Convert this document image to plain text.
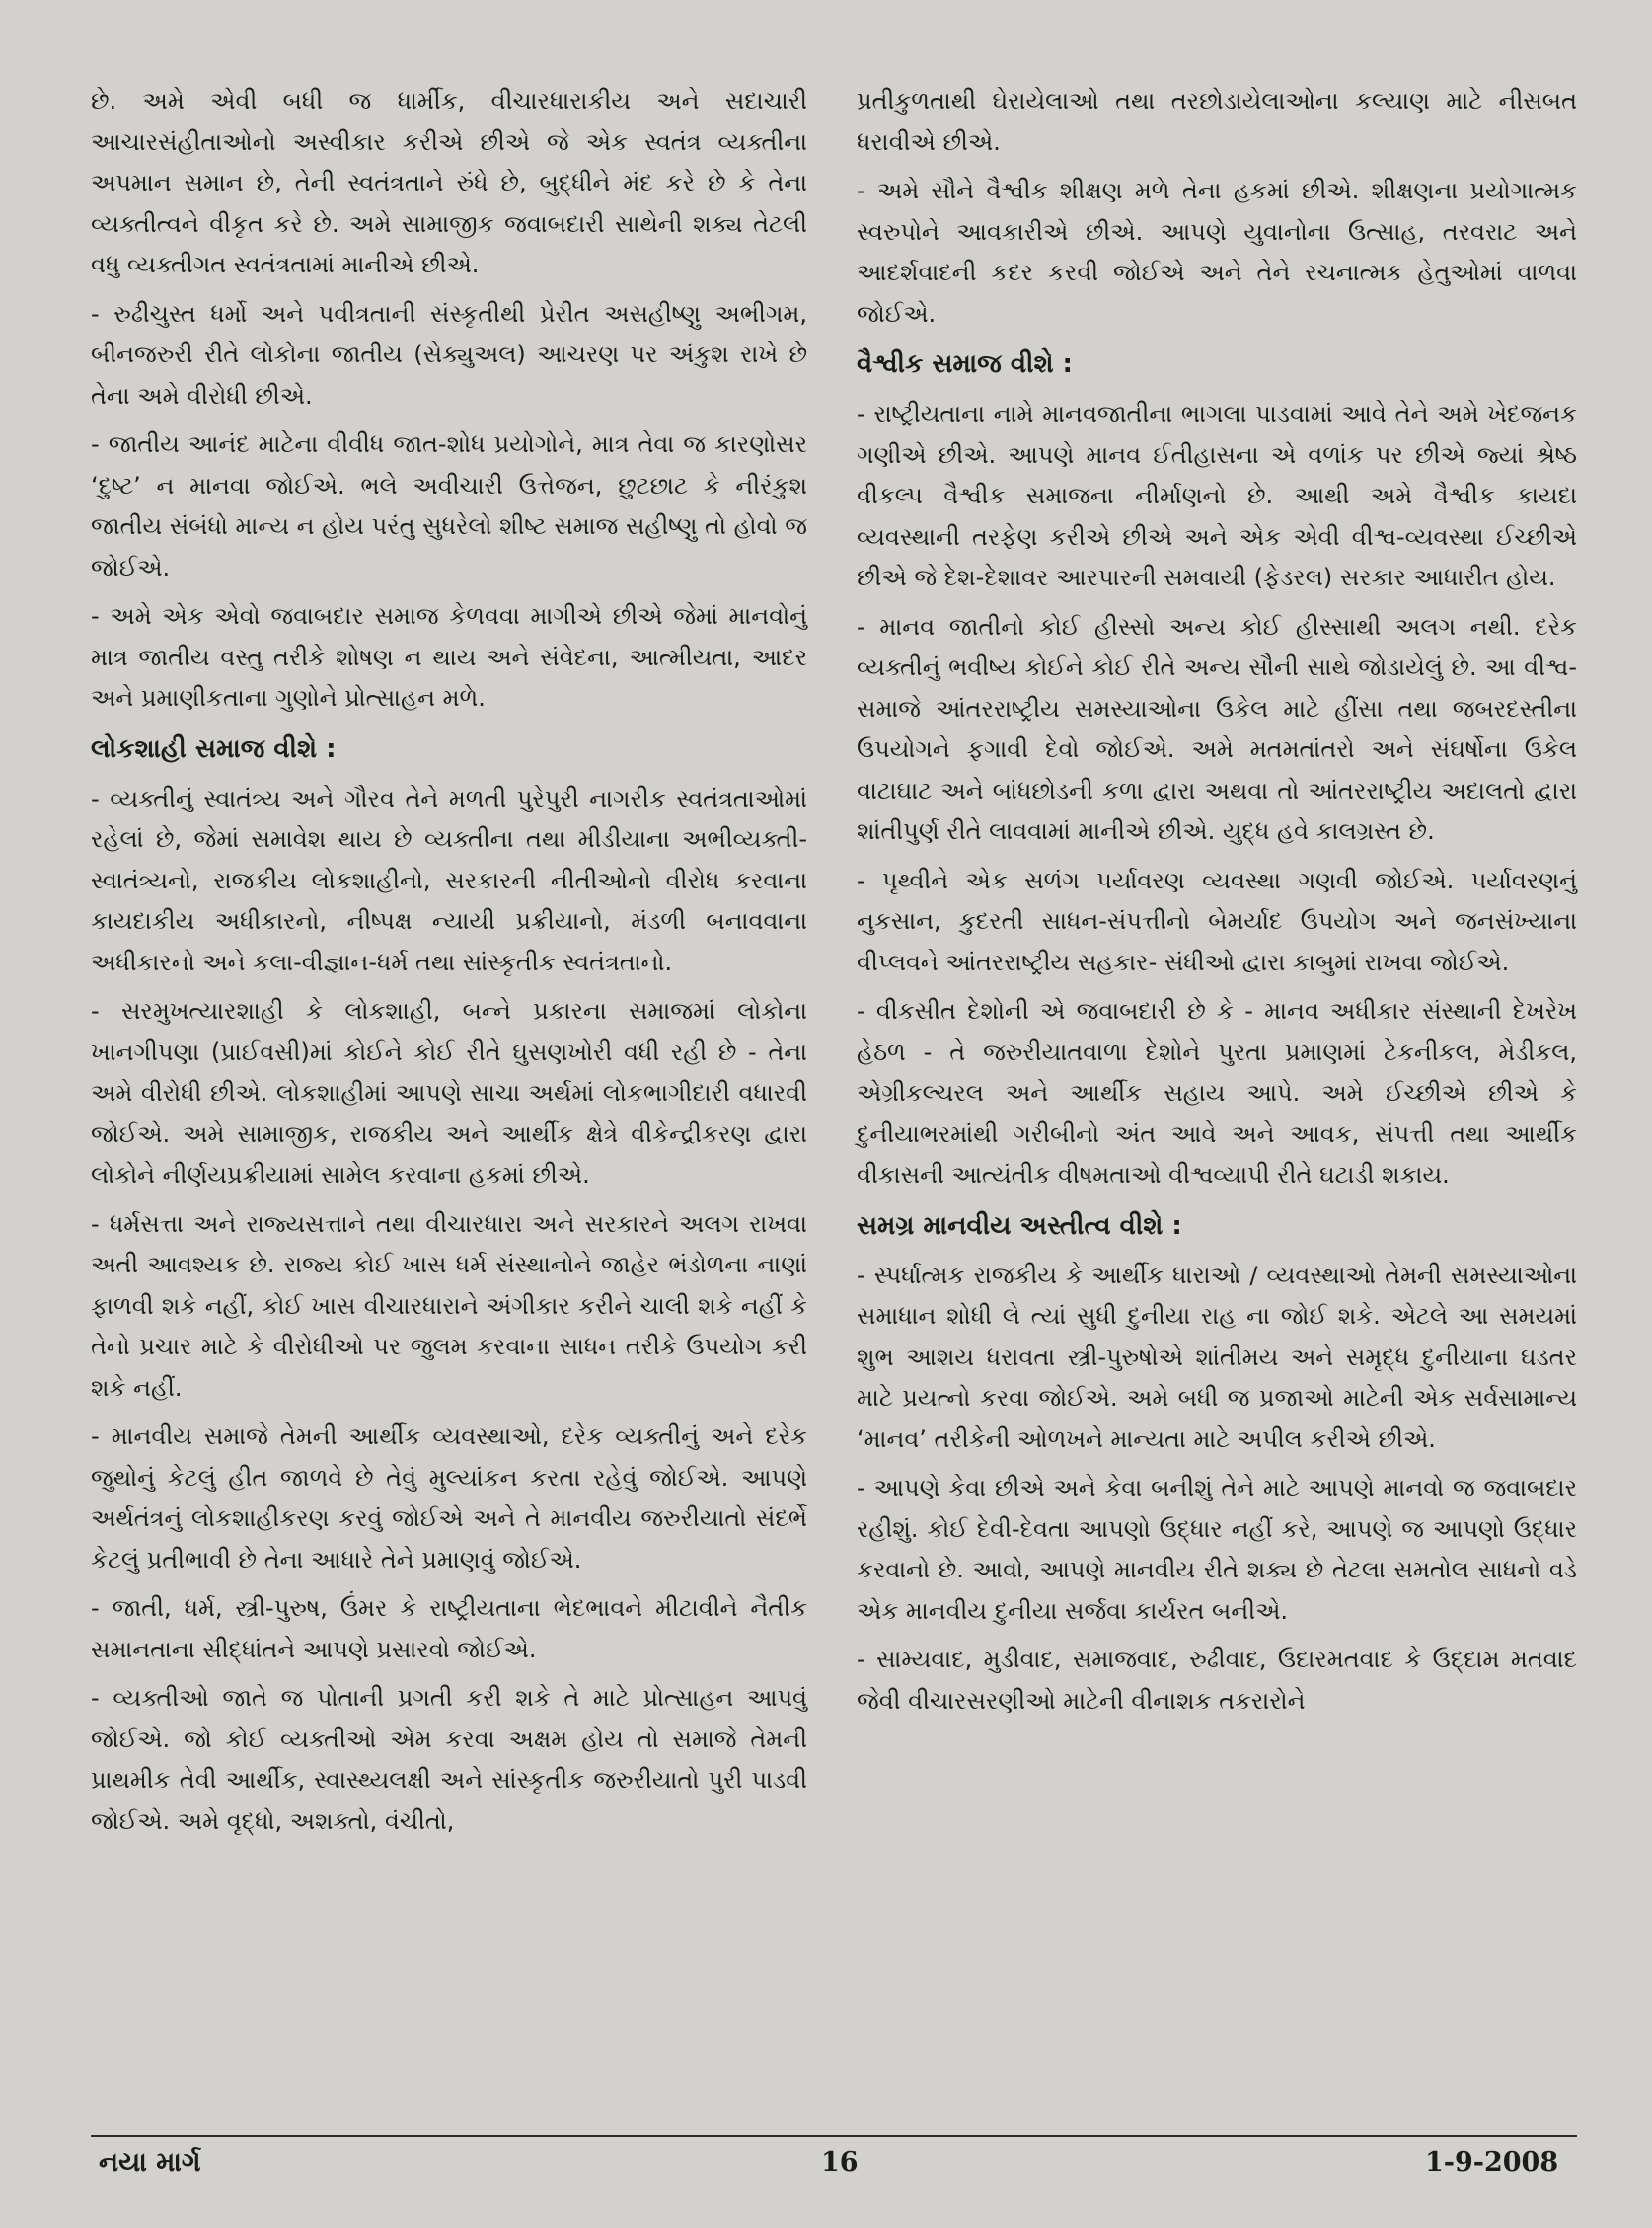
છે. અમે એવી બધી જ ધાર્મીક, વીચારધારાકીય અને સદાચારી આચારસંહીતાઓનો અસ્વીકાર કરીએ છીએ જે એક સ્વતંત્ર વ્યક્તીના અપમાન સમાન છે, તેની સ્વતંત્રતાને રુંધે છે, બુદ્ધીને મંદ કરે છે કે તેના વ્યક્તીત્વને વીકૃત કરે છે. અમે સામાજીક જવાબદારી સાથેની શક્ય તેટલી વધુ વ્યક્તીગત સ્વતંત્રતામાં માનીએ છીએ.
- રુઢીચુસ્ત ધર્મો અને પવીત્રતાની સંસ્કૃતીથી પ્રેરીત અસહીષ્ણુ અભીગમ, બીનજરુરી રીતે લોકોના જાતીય (સેક્યુઅલ) આચરણ પર અંકુશ રાખે છે તેના અમે વીરોધી છીએ.
- જાતીય આનંદ માટેના વીવીધ જાત-શોધ પ્રયોગોને, માત્ર તેવા જ કારણોસર ‘દુષ્ટ’ ન માનવા જોઈએ. ભલે અવીચારી ઉત્તેજન, છુટછાટ કે નીરંકુશ જાતીય સંબંધો માન્ય ન હોય પરંતુ સુધરેલો શીષ્ટ સમાજ સહીષ્ણુ તો હોવો જ જોઈએ.
- અમે એક એવો જવાબદાર સમાજ કેળવવા માગીએ છીએ જેમાં માનવોનું માત્ર જાતીય વસ્તુ તરીકે શોષણ ન થાય અને સંવેદના, આત્મીયતા, આદર અને પ્રમાણીકતાના ગુણોને પ્રોત્સાહન મળે.
લોકશાહી સમાજ વીશે :
- વ્યક્તીનું સ્વાતંત્ર્ય અને ગૌરવ તેને મળતી પુરેપુરી નાગરીક સ્વતંત્રતાઓમાં રહેલાં છે, જેમાં સમાવેશ થાય છે વ્યક્તીના તથા મીડીયાના અભીવ્યક્તી- સ્વાતંત્ર્યનો, રાજકીય લોકશાહીનો, સરકારની નીતીઓનો વીરોધ કરવાના કાયદાકીય અધીકારનો, નીષ્પક્ષ ન્યાયી પ્રક્રીયાનો, મંડળી બનાવવાના અધીકારનો અને કલા-વીજ્ઞાન-ધર્મ તથા સાંસ્કૃતીક સ્વતંત્રતાનો.
- સરમુખત્યારશાહી કે લોકશાહી, બન્ને પ્રકારના સમાજમાં લોકોના ખાનગીપણા (પ્રાઈવસી)માં કોઈને કોઈ રીતે ઘુસણખોરી વધી રહી છે - તેના અમે વીરોધી છીએ. લોકશાહીમાં આપણે સાચા અર્થમાં લોકભાગીદારી વધારવી જોઈએ. અમે સામાજીક, રાજકીય અને આર્થીક ક્ષેત્રે વીકેન્દ્રીકરણ દ્વારા લોકોને નીર્ણયપ્રક્રીયામાં સામેલ કરવાના હકમાં છીએ.
- ધર્મસત્તા અને રાજ્યસત્તાને તથા વીચારધારા અને સરકારને અલગ રાખવા અતી આવશ્યક છે. રાજ્ય કોઈ ખાસ ધર્મ સંસ્થાનોને જાહેર ભંડોળના નાણાં ફાળવી શકે નહીં, કોઈ ખાસ વીચારધારાને અંગીકાર કરીને ચાલી શકે નહીં કે તેનો પ્રચાર માટે કે વીરોધીઓ પર જુલમ કરવાના સાધન તરીકે ઉપયોગ કરી શકે નહીં.
- માનવીય સમાજે તેમની આર્થીક વ્યવસ્થાઓ, દરેક વ્યક્તીનું અને દરેક જુથોનું કેટલું હીત જાળવે છે તેવું મુલ્યાંકન કરતા રહેવું જોઈએ. આપણે અર્થતંત્રનું લોકશાહીકરણ કરવું જોઈએ અને તે માનવીય જરુરીયાતો સંદર્ભે કેટલું પ્રતીભાવી છે તેના આધારે તેને પ્રમાણવું જોઈએ.
- જાતી, ધર્મ, સ્ત્રી-પુરુષ, ઉંમર કે રાષ્ટ્રીયતાના ભેદભાવને મીટાવીને નૈતીક સમાનતાના સીદ્ધાંતને આપણે પ્રસારવો જોઈએ.
- વ્યક્તીઓ જાતે જ પોતાની પ્રગતી કરી શકે તે માટે પ્રોત્સાહન આપવું જોઈએ. જો કોઈ વ્યક્તીઓ એમ કરવા અક્ષમ હોય તો સમાજે તેમની પ્રાથમીક તેવી આર્થીક, સ્વાસ્થ્યલક્ષી અને સાંસ્કૃતીક જરુરીયાતો પુરી પાડવી જોઈએ. અમે વૃદ્ધો, અશક્તો, વંચીતો,
પ્રતીકુળતાથી ઘેરાયેલાઓ તથા તરછોડાયેલાઓના કલ્યાણ માટે નીસબત ધરાવીએ છીએ.
- અમે સૌને વૈશ્વીક શીક્ષણ મળે તેના હકમાં છીએ. શીક્ષણના પ્રયોગાત્મક સ્વરુપોને આવકારીએ છીએ. આપણે યુવાનોના ઉત્સાહ, તરવરાટ અને આદર્શવાદની કદર કરવી જોઈએ અને તેને રચનાત્મક હેતુઓમાં વાળવા જોઈએ.
વૈશ્વીક સમાજ વીશે :
- રાષ્ટ્રીયતાના નામે માનવજાતીના ભાગલા પાડવામાં આવે તેને અમે ખેદજનક ગણીએ છીએ. આપણે માનવ ઈતીહાસના એ વળાંક પર છીએ જ્યાં શ્રેષ્ઠ વીકલ્પ વૈશ્વીક સમાજના નીર્માણનો છે. આથી અમે વૈશ્વીક કાયદા વ્યવસ્થાની તરફેણ કરીએ છીએ અને એક એવી વીશ્વ-વ્યવસ્થા ઈચ્છીએ છીએ જે દેશ-દેશાવર આરપારની સમવાયી (ફેડરલ) સરકાર આધારીત હોય.
- માનવ જાતીનો કોઈ હીસ્સો અન્ય કોઈ હીસ્સાથી અલગ નથી. દરેક વ્યક્તીનું ભવીષ્ય કોઈને કોઈ રીતે અન્ય સૌની સાથે જોડાયેલું છે. આ વીશ્વ-સમાજે આંતરરાષ્ટ્રીય સમસ્યાઓના ઉકેલ માટે હીંસા તથા જબરદસ્તીના ઉપયોગને ફગાવી દેવો જોઈએ. અમે મતમતાંતરો અને સંઘર્ષોના ઉકેલ વાટાઘાટ અને બાંધછોડની કળા દ્વારા અથવા તો આંતરરાષ્ટ્રીય અદાલતો દ્વારા શાંતીપુર્ણ રીતે લાવવામાં માનીએ છીએ. યુદ્ધ હવે કાલગ્રસ્ત છે.
- પૃથ્વીને એક સળંગ પર્યાવરણ વ્યવસ્થા ગણવી જોઈએ. પર્યાવરણનું નુકસાન, કુદરતી સાધન-સંપત્તીનો બેમર્યાદ ઉપયોગ અને જનસંખ્યાના વીપ્લવને આંતરરાષ્ટ્રીય સહકાર- સંધીઓ દ્વારા કાબુમાં રાખવા જોઈએ.
- વીકસીત દેશોની એ જવાબદારી છે કે - માનવ અધીકાર સંસ્થાની દેખરેખ હેઠળ - તે જરુરીયાતવાળા દેશોને પુરતા પ્રમાણમાં ટેકનીકલ, મેડીકલ, એગ્રીકલ્ચરલ અને આર્થીક સહાય આપે. અમે ઈચ્છીએ છીએ કે દુનીયાભરમાંથી ગરીબીનો અંત આવે અને આવક, સંપત્તી તથા આર્થીક વીકાસની આત્યંતીક વીષમતાઓ વીશ્વવ્યાપી રીતે ઘટાડી શકાય.
સમગ્ર માનવીય અસ્તીત્વ વીશે :
- સ્પર્ધાત્મક રાજકીય કે આર્થીક ધારાઓ / વ્યવસ્થાઓ તેમની સમસ્યાઓના સમાધાન શોધી લે ત્યાં સુધી દુનીયા રાહ ના જોઈ શકે. એટલે આ સમયમાં શુભ આશય ધરાવતા સ્ત્રી-પુરુષોએ શાંતીમય અને સમૃદ્ધ દુનીયાના ઘડતર માટે પ્રયત્નો કરવા જોઈએ. અમે બધી જ પ્રજાઓ માટેની એક સર્વસામાન્ય ‘માનવ’ તરીકેની ઓળખને માન્યતા માટે અપીલ કરીએ છીએ.
- આપણે કેવા છીએ અને કેવા બનીશું તેને માટે આપણે માનવો જ જવાબદાર રહીશું. કોઈ દેવી-દેવતા આપણો ઉદ્ધાર નહીં કરે, આપણે જ આપણો ઉદ્ધાર કરવાનો છે. આવો, આપણે માનવીય રીતે શક્ય છે તેટલા સમતોલ સાધનો વડે એક માનવીય દુનીયા સર્જવા કાર્યરત બનીએ.
- સામ્યવાદ, મુડીવાદ, સમાજવાદ, રુઢીવાદ, ઉદારમતવાદ કે ઉદ્દામ મતવાદ જેવી વીચારસરણીઓ માટેની વીનાશક તકરારોને
નયા માર્ગ	16	1-9-2008
